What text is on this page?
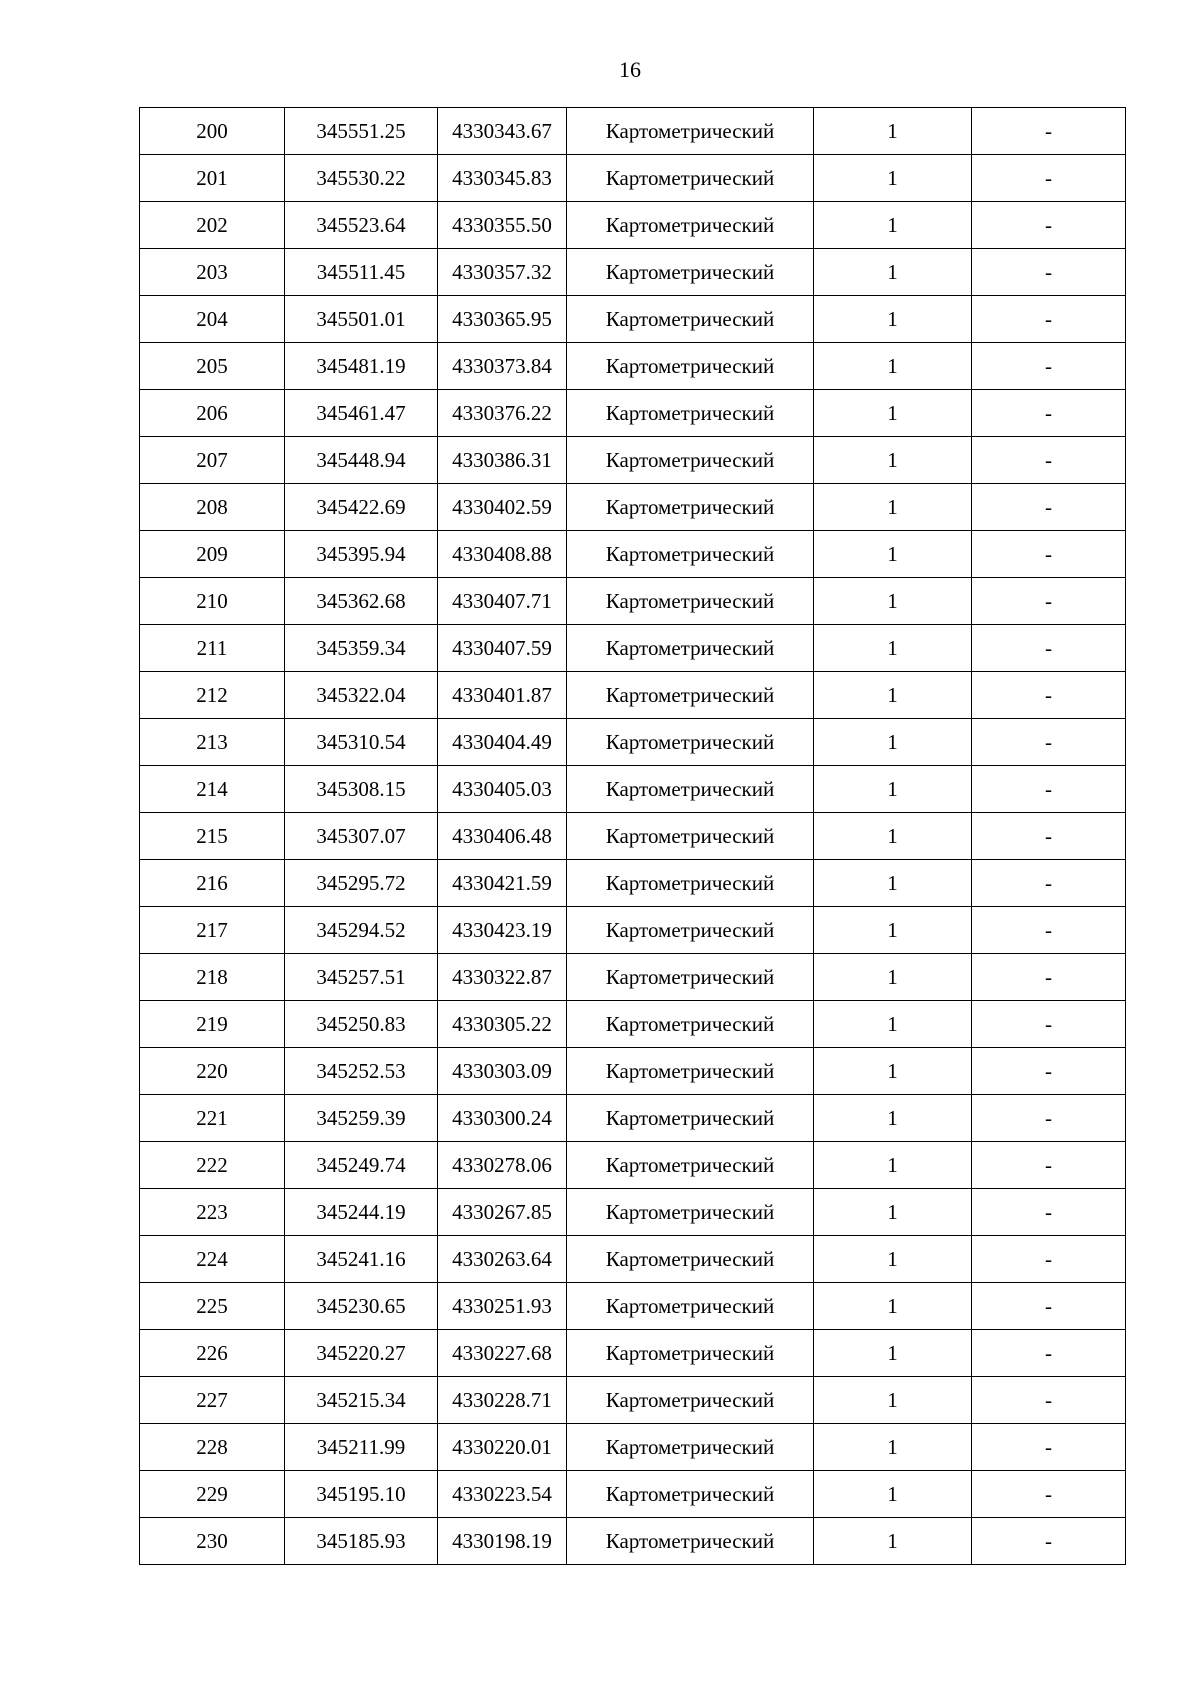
16
200	345551.25	4330343.67	Картометрический	1	-
201	345530.22	4330345.83	Картометрический	1	-
202	345523.64	4330355.50	Картометрический	1	-
203	345511.45	4330357.32	Картометрический	1	-
204	345501.01	4330365.95	Картометрический	1	-
205	345481.19	4330373.84	Картометрический	1	-
206	345461.47	4330376.22	Картометрический	1	-
207	345448.94	4330386.31	Картометрический	1	-
208	345422.69	4330402.59	Картометрический	1	-
209	345395.94	4330408.88	Картометрический	1	-
210	345362.68	4330407.71	Картометрический	1	-
211	345359.34	4330407.59	Картометрический	1	-
212	345322.04	4330401.87	Картометрический	1	-
213	345310.54	4330404.49	Картометрический	1	-
214	345308.15	4330405.03	Картометрический	1	-
215	345307.07	4330406.48	Картометрический	1	-
216	345295.72	4330421.59	Картометрический	1	-
217	345294.52	4330423.19	Картометрический	1	-
218	345257.51	4330322.87	Картометрический	1	-
219	345250.83	4330305.22	Картометрический	1	-
220	345252.53	4330303.09	Картометрический	1	-
221	345259.39	4330300.24	Картометрический	1	-
222	345249.74	4330278.06	Картометрический	1	-
223	345244.19	4330267.85	Картометрический	1	-
224	345241.16	4330263.64	Картометрический	1	-
225	345230.65	4330251.93	Картометрический	1	-
226	345220.27	4330227.68	Картометрический	1	-
227	345215.34	4330228.71	Картометрический	1	-
228	345211.99	4330220.01	Картометрический	1	-
229	345195.10	4330223.54	Картометрический	1	-
230	345185.93	4330198.19	Картометрический	1	-
